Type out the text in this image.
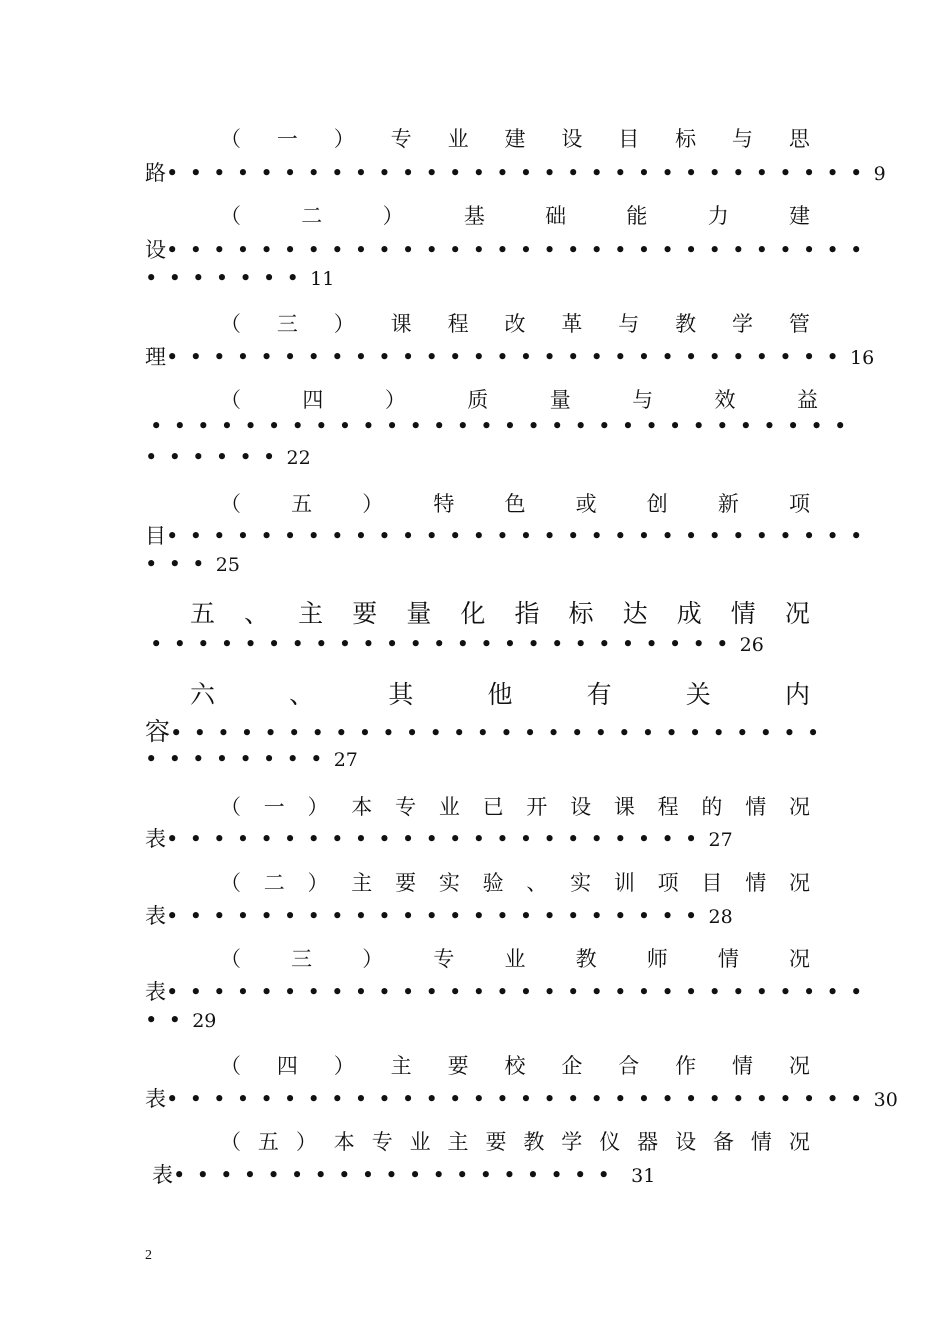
（ 一 ） 专 业 建 设 目 标 与 思
路 •••••••••••••••••••••••••••••• 9
（	二	）	基	础	能	力	建
设 ••••••••••••••••••••••••••••••
••••••• 11
（ 三 ） 课 程 改 革 与 教 学 管
理 ••••••••••••••••••••••••••••• 16
（	四	）	质	量	与	效	益
••••••••••••••••••••••••••••••
•••••• 22
（ 五 ） 特 色 或 创 新 项
目 ••••••••••••••••••••••••••••••
••• 25
五 、 主 要 量 化 指 标 达 成 情 况
••••••••••••••••••••••••• 26
六	、	其	他	有	关	内
容 ••••••••••••••••••••••••••••
•••••••• 27
（ 一 ） 本 专 业 已 开 设 课 程 的 情 况
表 ••••••••••••••••••••••• 27
（ 二 ） 主 要 实 验 、 实 训 项 目 情 况
表 ••••••••••••••••••••••• 28
（ 三 ） 专 业 教 师 情 况
表 ••••••••••••••••••••••••••••••
•• 29
（ 四 ） 主 要 校 企 合 作 情 况
表 •••••••••••••••••••••••••••••• 30
（ 五 ） 本 专 业 主 要 教 学 仪 器 设 备 情 况
表 ••••••••••••••••••• 31
2
